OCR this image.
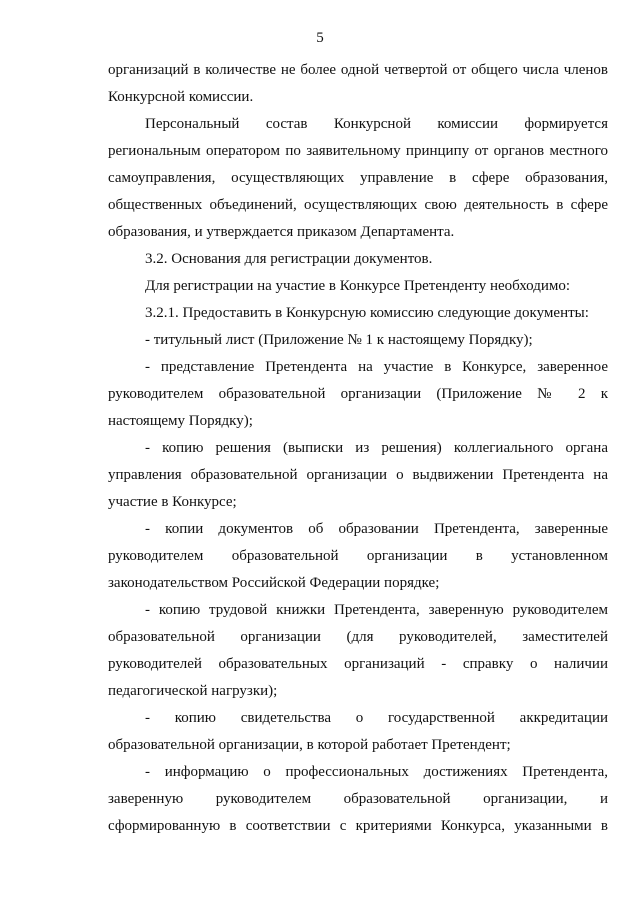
5

организаций в количестве не более одной четвертой от общего числа членов Конкурсной комиссии.

Персональный состав Конкурсной комиссии формируется региональным оператором по заявительному принципу от органов местного самоуправления, осуществляющих управление в сфере образования, общественных объединений, осуществляющих свою деятельность в сфере образования, и утверждается приказом Департамента.

3.2. Основания для регистрации документов.

Для регистрации на участие в Конкурсе Претенденту необходимо:

3.2.1. Предоставить в Конкурсную комиссию следующие документы:

- титульный лист (Приложение № 1 к настоящему Порядку);

- представление Претендента на участие в Конкурсе, заверенное руководителем образовательной организации (Приложение № 2 к настоящему Порядку);

- копию решения (выписки из решения) коллегиального органа управления образовательной организации о выдвижении Претендента на участие в Конкурсе;

- копии документов об образовании Претендента, заверенные руководителем образовательной организации в установленном законодательством Российской Федерации порядке;

- копию трудовой книжки Претендента, заверенную руководителем образовательной организации (для руководителей, заместителей руководителей образовательных организаций - справку о наличии педагогической нагрузки);

- копию свидетельства о государственной аккредитации образовательной организации, в которой работает Претендент;

- информацию о профессиональных достижениях Претендента, заверенную руководителем образовательной организации, и сформированную в соответствии с критериями Конкурса, указанными в
